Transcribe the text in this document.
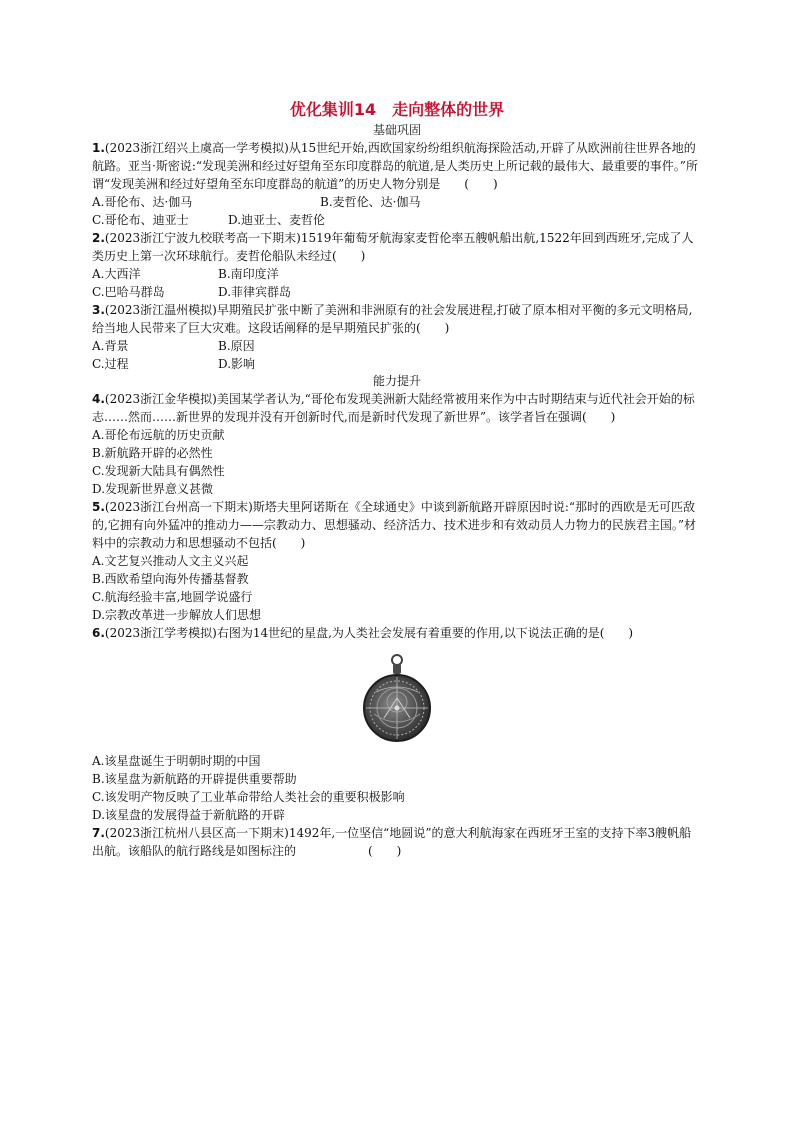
优化集训14　走向整体的世界
基础巩固

1.(2023浙江绍兴上虞高一学考模拟)从15世纪开始,西欧国家纷纷组织航海探险活动,开辟了从欧洲前往世界各地的航路。亚当·斯密说:“发现美洲和经过好望角至东印度群岛的航道,是人类历史上所记载的最伟大、最重要的事件。”所谓“发现美洲和经过好望角至东印度群岛的航道”的历史人物分别是　　(　　)

A.哥伦布、达·伽马	B.麦哲伦、达·伽马
C.哥伦布、迪亚士	D.迪亚士、麦哲伦

2.(2023浙江宁波九校联考高一下期末)1519年葡萄牙航海家麦哲伦率五艘帆船出航,1522年回到西班牙,完成了人类历史上第一次环球航行。麦哲伦船队未经过(　　)

A.大西洋	B.南印度洋
C.巴哈马群岛	D.菲律宾群岛

3.(2023浙江温州模拟)早期殖民扩张中断了美洲和非洲原有的社会发展进程,打破了原本相对平衡的多元文明格局,给当地人民带来了巨大灾难。这段话阐释的是早期殖民扩张的(　　)

A.背景	B.原因
C.过程	D.影响
能力提升

4.(2023浙江金华模拟)美国某学者认为,“哥伦布发现美洲新大陆经常被用来作为中古时期结束与近代社会开始的标志……然而……新世界的发现并没有开创新时代,而是新时代发现了新世界”。该学者旨在强调(　　)

A.哥伦布远航的历史贡献
B.新航路开辟的必然性
C.发现新大陆具有偶然性
D.发现新世界意义甚微

5.(2023浙江台州高一下期末)斯塔夫里阿诺斯在《全球通史》中谈到新航路开辟原因时说:“那时的西欧是无可匹敌的,它拥有向外猛冲的推动力——宗教动力、思想骚动、经济活力、技术进步和有效动员人力物力的民族君主国。”材料中的宗教动力和思想骚动不包括(　　)

A.文艺复兴推动人文主义兴起
B.西欧希望向海外传播基督教
C.航海经验丰富,地圆学说盛行
D.宗教改革进一步解放人们思想

6.(2023浙江学考模拟)右图为14世纪的星盘,为人类社会发展有着重要的作用,以下说法正确的是(　　)

A.该星盘诞生于明朝时期的中国
B.该星盘为新航路的开辟提供重要帮助
C.该发明产物反映了工业革命带给人类社会的重要积极影响
D.该星盘的发展得益于新航路的开辟

7.(2023浙江杭州八县区高一下期末)1492年,一位坚信“地圆说”的意大利航海家在西班牙王室的支持下率3艘帆船出航。该船队的航行路线是如图标注的　　　　　　(　　)
